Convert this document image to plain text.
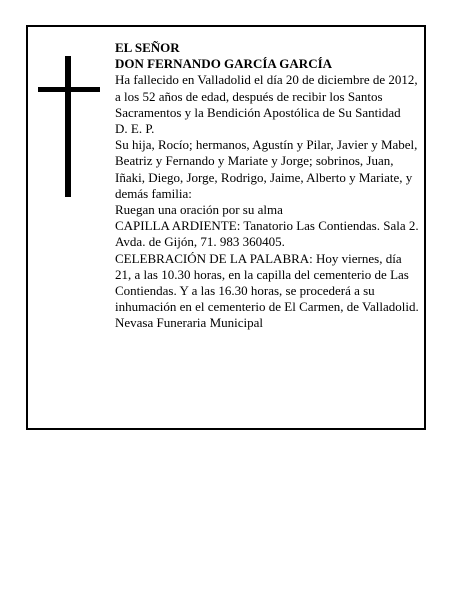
EL SEÑOR

DON FERNANDO GARCÍA GARCÍA

Ha fallecido en Valladolid el día 20 de diciembre de 2012, a los 52 años de edad, después de recibir los Santos Sacramentos y la Bendición Apostólica de Su Santidad

D. E. P.

Su hija, Rocío; hermanos, Agustín y Pilar, Javier y Mabel, Beatriz y Fernando y Mariate y Jorge; sobrinos, Juan, Iñaki, Diego, Jorge, Rodrigo, Jaime, Alberto y Mariate, y demás familia:

Ruegan una oración por su alma

CAPILLA ARDIENTE: Tanatorio Las Contiendas. Sala 2. Avda. de Gijón, 71. 983 360405.

CELEBRACIÓN DE LA PALABRA: Hoy viernes, día 21, a las 10.30 horas, en la capilla del cementerio de Las Contiendas. Y a las 16.30 horas, se procederá a su inhumación en el cementerio de El Carmen, de Valladolid.

Nevasa Funeraria Municipal
